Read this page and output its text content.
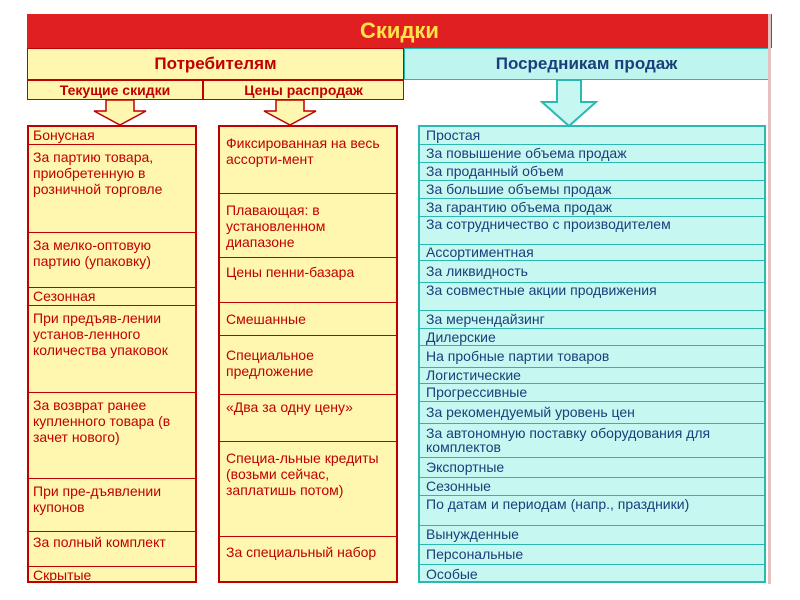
Скидки
Потребителям	Посредникам продаж
Текущие скидки	Цены распродаж
Бонусная
За партию товара, приобретенную в розничной торговле
За мелко-оптовую партию (упаковку)
Сезонная
При предъяв-лении установ-ленного количества упаковок
За возврат ранее купленного товара (в зачет нового)
При пре-дъявлении купонов
За полный комплект
Скрытые
Фиксированная на весь ассорти-мент
Плавающая: в установленном диапазоне
Цены пенни-базара
Смешанные
Специальное предложение
«Два за одну цену»
Специа-льные кредиты (возьми сейчас, заплатишь потом)
За специальный набор
Простая
За повышение объема продаж
За проданный объем
За большие объемы продаж
За гарантию объема продаж
За сотрудничество с производителем
Ассортиментная
За ликвидность
За совместные акции продвижения
За мерчендайзинг
Дилерские
На пробные партии товаров
Логистические
Прогрессивные
За рекомендуемый уровень цен
За автономную поставку оборудования для комплектов
Экспортные
Сезонные
По датам и периодам (напр., праздники)
Вынужденные
Персональные
Особые
